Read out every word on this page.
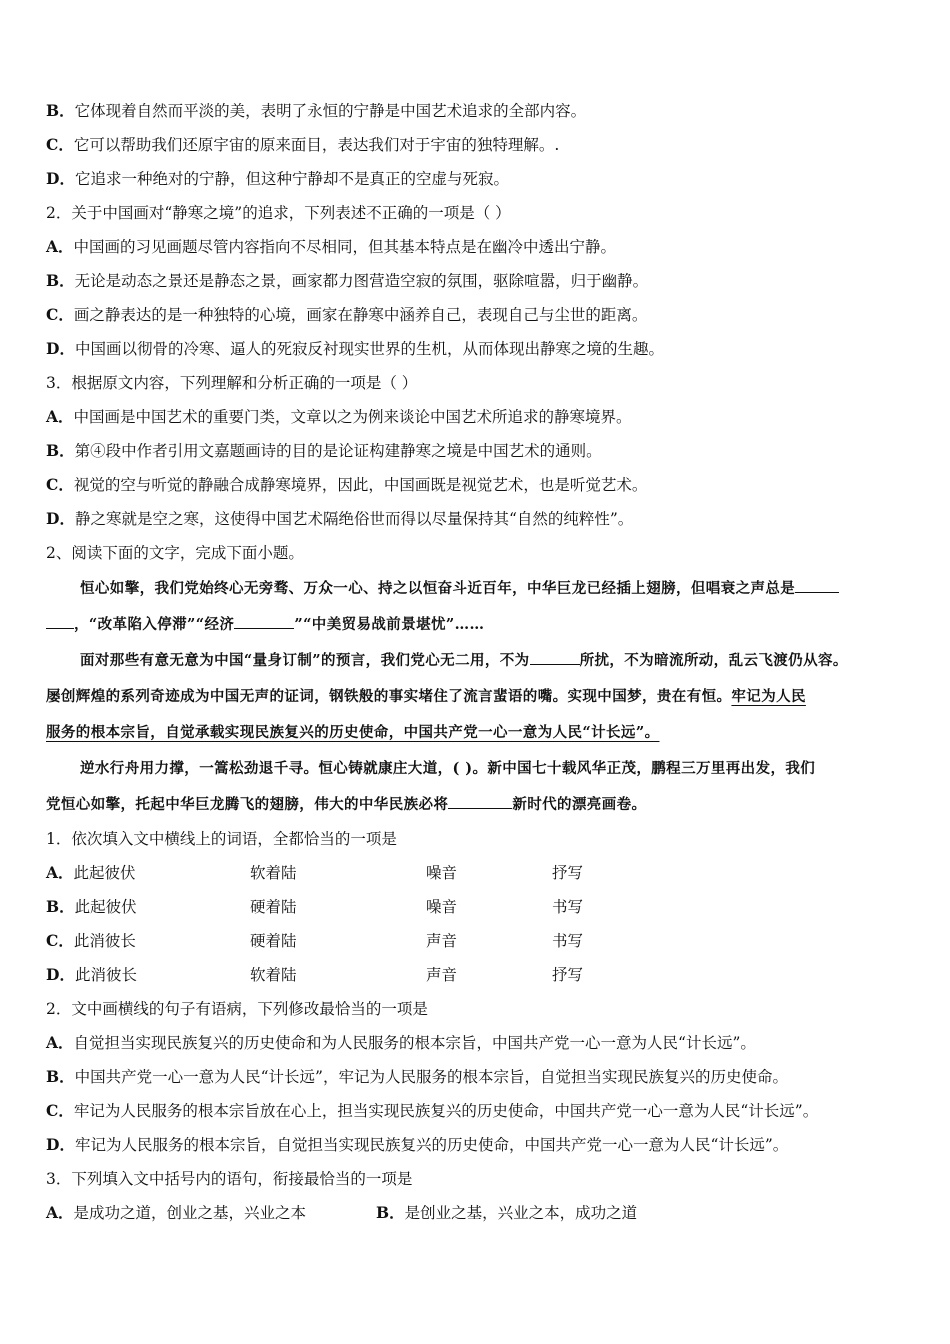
B．它体现着自然而平淡的美，表明了永恒的宁静是中国艺术追求的全部内容。
C．它可以帮助我们还原宇宙的原来面目，表达我们对于宇宙的独特理解。.
D．它追求一种绝对的宁静，但这种宁静却不是真正的空虚与死寂。
2．关于中国画对“静寒之境”的追求，下列表述不正确的一项是（ ）
A．中国画的习见画题尽管内容指向不尽相同，但其基本特点是在幽冷中透出宁静。
B．无论是动态之景还是静态之景，画家都力图营造空寂的氛围，驱除喧嚣，归于幽静。
C．画之静表达的是一种独特的心境，画家在静寒中涵养自己，表现自己与尘世的距离。
D．中国画以彻骨的冷寒、逼人的死寂反衬现实世界的生机，从而体现出静寒之境的生趣。
3．根据原文内容，下列理解和分析正确的一项是（ ）
A．中国画是中国艺术的重要门类，文章以之为例来谈论中国艺术所追求的静寒境界。
B．第④段中作者引用文嘉题画诗的目的是论证构建静寒之境是中国艺术的通则。
C．视觉的空与听觉的静融合成静寒境界，因此，中国画既是视觉艺术，也是听觉艺术。
D．静之寒就是空之寒，这使得中国艺术隔绝俗世而得以尽量保持其“自然的纯粹性”。
2、阅读下面的文字，完成下面小题。
恒心如擎，我们党始终心无旁骛、万众一心、持之以恒奋斗近百年，中华巨龙已经插上翅膀，但唱衰之声总是
，“改革陷入停滞”“经济	”“中美贸易战前景堪忧”……
面对那些有意无意为中国“量身订制”的预言，我们党心无二用，不为	所扰，不为暗流所动，乱云飞渡仍从容。
屡创辉煌的系列奇迹成为中国无声的证词，钢铁般的事实堵住了流言蜚语的嘴。实现中国梦，贵在有恒。牢记为人民
服务的根本宗旨，自觉承载实现民族复兴的历史使命，中国共产党一心一意为人民“计长远”。
逆水行舟用力撑，一篙松劲退千寻。恒心铸就康庄大道，( )。新中国七十载风华正茂，鹏程三万里再出发，我们
党恒心如擎，托起中华巨龙腾飞的翅膀，伟大的中华民族必将	新时代的漂亮画卷。
1．依次填入文中横线上的词语，全都恰当的一项是
A．此起彼伏	软着陆	噪音	抒写
B．此起彼伏	硬着陆	噪音	书写
C．此消彼长	硬着陆	声音	书写
D．此消彼长	软着陆	声音	抒写
2．文中画横线的句子有语病，下列修改最恰当的一项是
A．自觉担当实现民族复兴的历史使命和为人民服务的根本宗旨，中国共产党一心一意为人民“计长远”。
B．中国共产党一心一意为人民“计长远”，牢记为人民服务的根本宗旨，自觉担当实现民族复兴的历史使命。
C．牢记为人民服务的根本宗旨放在心上，担当实现民族复兴的历史使命，中国共产党一心一意为人民“计长远”。
D．牢记为人民服务的根本宗旨，自觉担当实现民族复兴的历史使命，中国共产党一心一意为人民“计长远”。
3．下列填入文中括号内的语句，衔接最恰当的一项是
A．是成功之道，创业之基，兴业之本	B．是创业之基，兴业之本，成功之道
